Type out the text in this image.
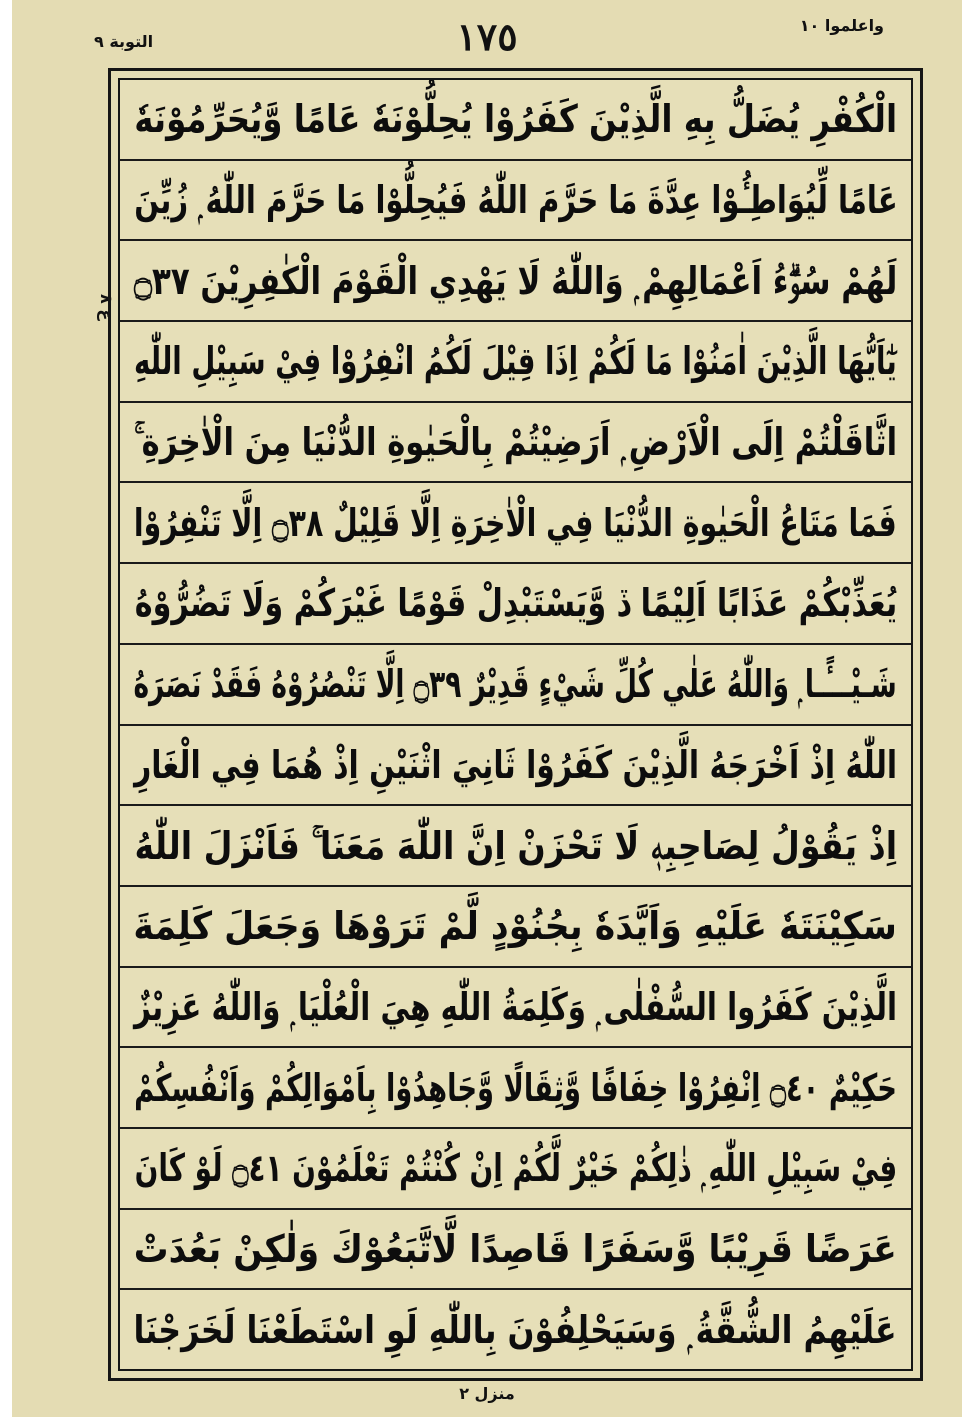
واعلموا ١٠
١٧٥
التوبة ٩
ع ٨
الْكُفْرِ يُضَلُّ بِهِ الَّذِيْنَ كَفَرُوْا يُحِلُّوْنَهٗ عَامًا وَّيُحَرِّمُوْنَهٗ
عَامًا لِّيُوَاطِـُٔوْا عِدَّةَ مَا حَرَّمَ اللّٰهُ فَيُحِلُّوْا مَا حَرَّمَ اللّٰهُ ۭ زُيِّنَ
لَهُمْ سُوْۗءُ اَعْمَالِهِمْ ۭ وَاللّٰهُ لَا يَهْدِي الْقَوْمَ الْكٰفِرِيْنَ ۝٣٧
يٰٓاَيُّهَا الَّذِيْنَ اٰمَنُوْا مَا لَكُمْ اِذَا قِيْلَ لَكُمُ انْفِرُوْا فِيْ سَبِيْلِ اللّٰهِ
اثَّاقَلْتُمْ اِلَى الْاَرْضِ ۭ اَرَضِيْتُمْ بِالْحَيٰوةِ الدُّنْيَا مِنَ الْاٰخِرَةِ ۚ
فَمَا مَتَاعُ الْحَيٰوةِ الدُّنْيَا فِي الْاٰخِرَةِ اِلَّا قَلِيْلٌ ۝٣٨ اِلَّا تَنْفِرُوْا
يُعَذِّبْكُمْ عَذَابًا اَلِيْمًا ڏ وَّيَسْتَبْدِلْ قَوْمًا غَيْرَكُمْ وَلَا تَضُرُّوْهُ
شَـيْـــًٔـا ۭ وَاللّٰهُ عَلٰي كُلِّ شَيْءٍ قَدِيْرٌ ۝٣٩ اِلَّا تَنْصُرُوْهُ فَقَدْ نَصَرَهُ
اللّٰهُ اِذْ اَخْرَجَهُ الَّذِيْنَ كَفَرُوْا ثَانِيَ اثْنَيْنِ اِذْ هُمَا فِي الْغَارِ
اِذْ يَقُوْلُ لِصَاحِبِهٖ لَا تَحْزَنْ اِنَّ اللّٰهَ مَعَنَا ۚ فَاَنْزَلَ اللّٰهُ
سَكِيْنَتَهٗ عَلَيْهِ وَاَيَّدَهٗ بِجُنُوْدٍ لَّمْ تَرَوْهَا وَجَعَلَ كَلِمَةَ
الَّذِيْنَ كَفَرُوا السُّفْلٰى ۭ وَكَلِمَةُ اللّٰهِ هِيَ الْعُلْيَا ۭ وَاللّٰهُ عَزِيْزٌ
حَكِيْمٌ ۝٤٠ اِنْفِرُوْا خِفَافًا وَّثِقَالًا وَّجَاهِدُوْا بِاَمْوَالِكُمْ وَاَنْفُسِكُمْ
فِيْ سَبِيْلِ اللّٰهِ ۭ ذٰلِكُمْ خَيْرٌ لَّكُمْ اِنْ كُنْتُمْ تَعْلَمُوْنَ ۝٤١ لَوْ كَانَ
عَرَضًا قَرِيْبًا وَّسَفَرًا قَاصِدًا لَّاتَّبَعُوْكَ وَلٰكِنْ بَعُدَتْ
عَلَيْهِمُ الشُّقَّةُ ۭ وَسَيَحْلِفُوْنَ بِاللّٰهِ لَوِ اسْتَطَعْنَا لَخَرَجْنَا
منزل ٢
